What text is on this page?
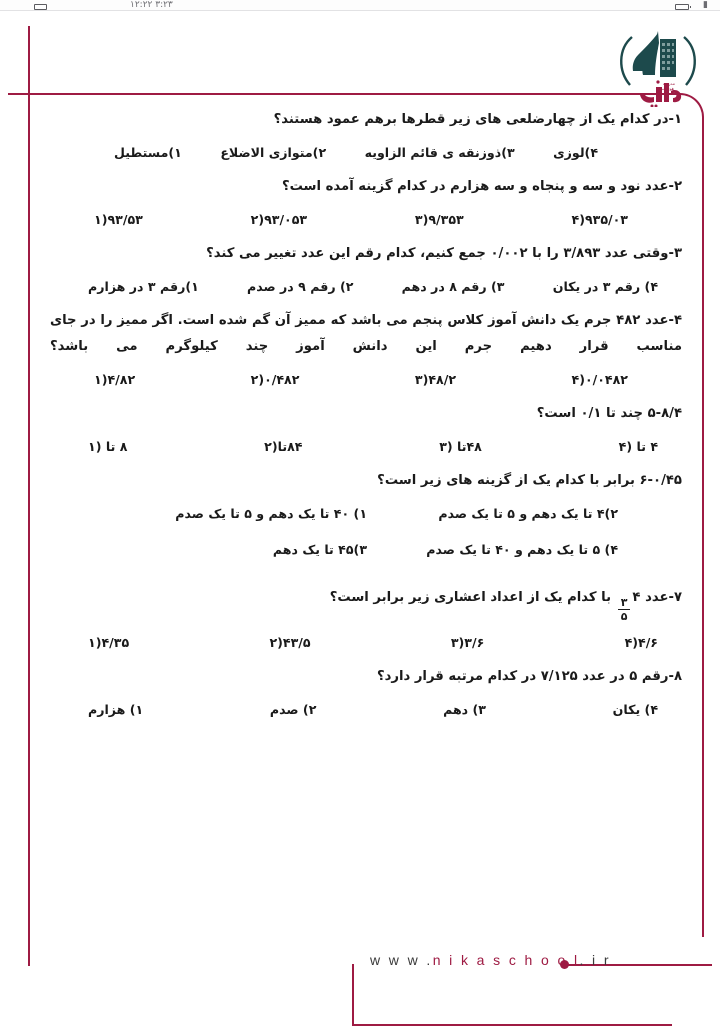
۱۲:۲۲ ۳:۲۳	▮
مدرسه
هوشمند
۱-در کدام یک از چهارضلعی های زیر قطرها برهم عمود هستند؟
۴)لوزی
۳)ذوزنقه ی قائم الزاویه
۲)متوازی الاضلاع
۱)مستطیل
۲-عدد نود و سه و پنجاه و سه هزارم در کدام گزینه آمده است؟
۹۳۵/۰۳(۴
۹/۳۵۳(۳
۹۳/۰۵۳(۲
۹۳/۵۳(۱
۳-وقتی عدد ۳/۸۹۳ را با ۰/۰۰۲ جمع کنیم، کدام رقم این عدد تغییر می کند؟
۴) رقم ۳ در یکان
۳) رقم ۸ در دهم
۲) رقم ۹ در صدم
۱)رقم ۳ در هزارم
۴-عدد ۴۸۲ جرم یک دانش آموز کلاس پنجم می باشد که ممیز آن گم شده است. اگر ممیز را در جای مناسب قرار دهیم جرم این دانش آموز چند کیلوگرم می باشد؟
۰/۰۴۸۲(۴
۴۸/۲(۳
۰/۴۸۲(۲
۴/۸۲(۱
۵-۸/۴ چند تا ۰/۱ است؟
۴ تا (۴
۴۸تا (۳
۸۴تا(۲
۸ تا (۱
۶-۰/۴۵ برابر با کدام یک از گزینه های زیر است؟
۲)۴ تا یک دهم و ۵ تا یک صدم
۱) ۴۰ تا یک دهم و ۵ تا یک صدم
۴) ۵ تا یک دهم و ۴۰ تا یک صدم
۳)۴۵ تا یک دهم
۷-عدد ۴
$\frac{۳}{۵}$
با کدام یک از اعداد اعشاری زیر برابر است؟
۴/۶(۴
۳/۶(۳
۴۳/۵(۲
۴/۳۵(۱
۸-رقم ۵ در عدد ۷/۱۲۵ در کدام مرتبه قرار دارد؟
۴) یکان
۳) دهم
۲) صدم
۱) هزارم
w w w .n i k a s c h o o l. i r
